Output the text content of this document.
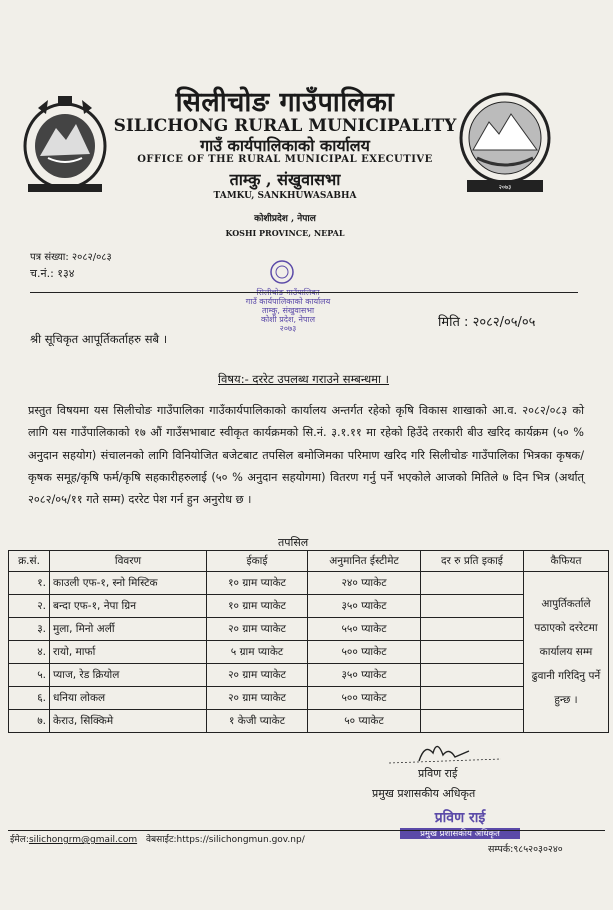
२०७३
सिलीचोङ गाउँपालिका
SILICHONG RURAL MUNICIPALITY
गाउँ कार्यपालिकाको कार्यालय
OFFICE OF THE RURAL MUNICIPAL EXECUTIVE
ताम्कु , संखुवासभा
TAMKU, SANKHUWASABHA
कोशीप्रदेश , नेपाल
KOSHI PROVINCE, NEPAL
पत्र संख्या: २०८२/०८३
च.नं.: १३४
सिलीचोङ गाउँपालिका
गाउँ कार्यपालिकाको कार्यालय
ताम्कु, संखुवासभा
कोशी प्रदेश, नेपाल
२०७३	मिति : २०८२/०५/०५
श्री सूचिकृत आपूर्तिकर्ताहरु सबै ।
विषय:- दररेट उपलब्ध गराउने सम्बन्धमा ।
प्रस्तुत विषयमा यस सिलीचोङ गाउँपालिका गाउँकार्यपालिकाको कार्यालय अन्तर्गत रहेको कृषि विकास शाखाको आ.व. २०८२/०८३ को लागि यस गाउँपालिकाको १७ औं गाउँसभाबाट स्वीकृत कार्यक्रमको सि.नं. ३.१.११ मा रहेको हिउँदे तरकारी बीउ खरिद कार्यक्रम (५० % अनुदान सहयोग) संचालनको लागि विनियोजित बजेटबाट तपसिल बमोजिमका परिमाण खरिद गरि सिलीचोङ गाउँपालिका भित्रका कृषक/कृषक समूह/कृषि फर्म/कृषि सहकारीहरुलाई (५० % अनुदान सहयोगमा) वितरण गर्नु पर्ने भएकोले आजको मितिले ७ दिन भित्र (अर्थात् २०८२/०५/११ गते सम्म) दररेट पेश गर्न हुन अनुरोध छ ।
तपसिल
क्र.सं.	विवरण	ईकाई	अनुमानित ईस्टीमेट	दर रु प्रति इकाई	कैफियत
१.	काउली एफ-१, स्नो मिस्टिक	१० ग्राम प्याकेट	२४० प्याकेट		आपुर्तिकर्ताले पठाएको दररेटमा कार्यालय सम्म ढुवानी गरिदिनु पर्ने हुन्छ ।
२.	बन्दा एफ-१, नेपा ग्रिन	१० ग्राम प्याकेट	३५० प्याकेट		
३.	मुला, मिनो अर्ली	२० ग्राम प्याकेट	५५० प्याकेट		
४.	रायो, मार्फा	५ ग्राम प्याकेट	५०० प्याकेट		
५.	प्याज, रेड क्रियोल	२० ग्राम प्याकेट	३५० प्याकेट		
६.	धनिया लोकल	२० ग्राम प्याकेट	५०० प्याकेट		
७.	केराउ, सिक्किमे	१ केजी प्याकेट	५० प्याकेट		
प्रविण राई
प्रमुख प्रशासकीय अधिकृत
प्रविण राई
प्रमुख प्रशासकीय अधिकृत
ईमेल:silichongrm@gmail.com वेबसाईट:https://silichongmun.gov.np/
सम्पर्क:९८५२०३०२४०
